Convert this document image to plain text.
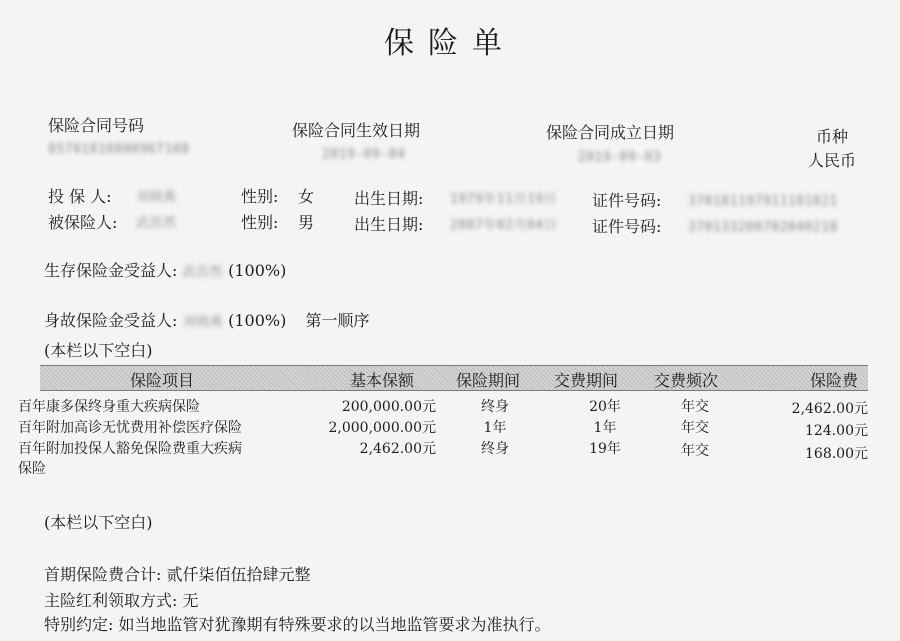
保险单
保险合同号码
8570181080096T108
保险合同生效日期
2019-09-04
保险合同成立日期
2019-09-03
币种
人民币
投 保 人: 刘晓燕	性别: 女 出生日期: 1979年11月19日 证件号码: 370181197911181821
被保险人: 武浩然	性别: 男 出生日期: 2007年02月04日 证件号码: 370133200702040218
生存保险金受益人: 武浩然 (100%)
身故保险金受益人: 刘晓燕 (100%) 第一顺序
(本栏以下空白)
保险项目	基本保额	保险期间 交费期间 交费频次	保险费
百年康多保终身重大疾病保险	200,000.00元	终身	20年	年交	2,462.00元
百年附加高诊无忧费用补偿医疗保险	2,000,000.00元	1年	1年	年交	124.00元
百年附加投保人豁免保险费重大疾病
保险
2,462.00元	终身	19年	年交	168.00元
(本栏以下空白)
首期保险费合计: 贰仟柒佰伍拾肆元整
主险红利领取方式: 无
特别约定: 如当地监管对犹豫期有特殊要求的以当地监管要求为准执行。
